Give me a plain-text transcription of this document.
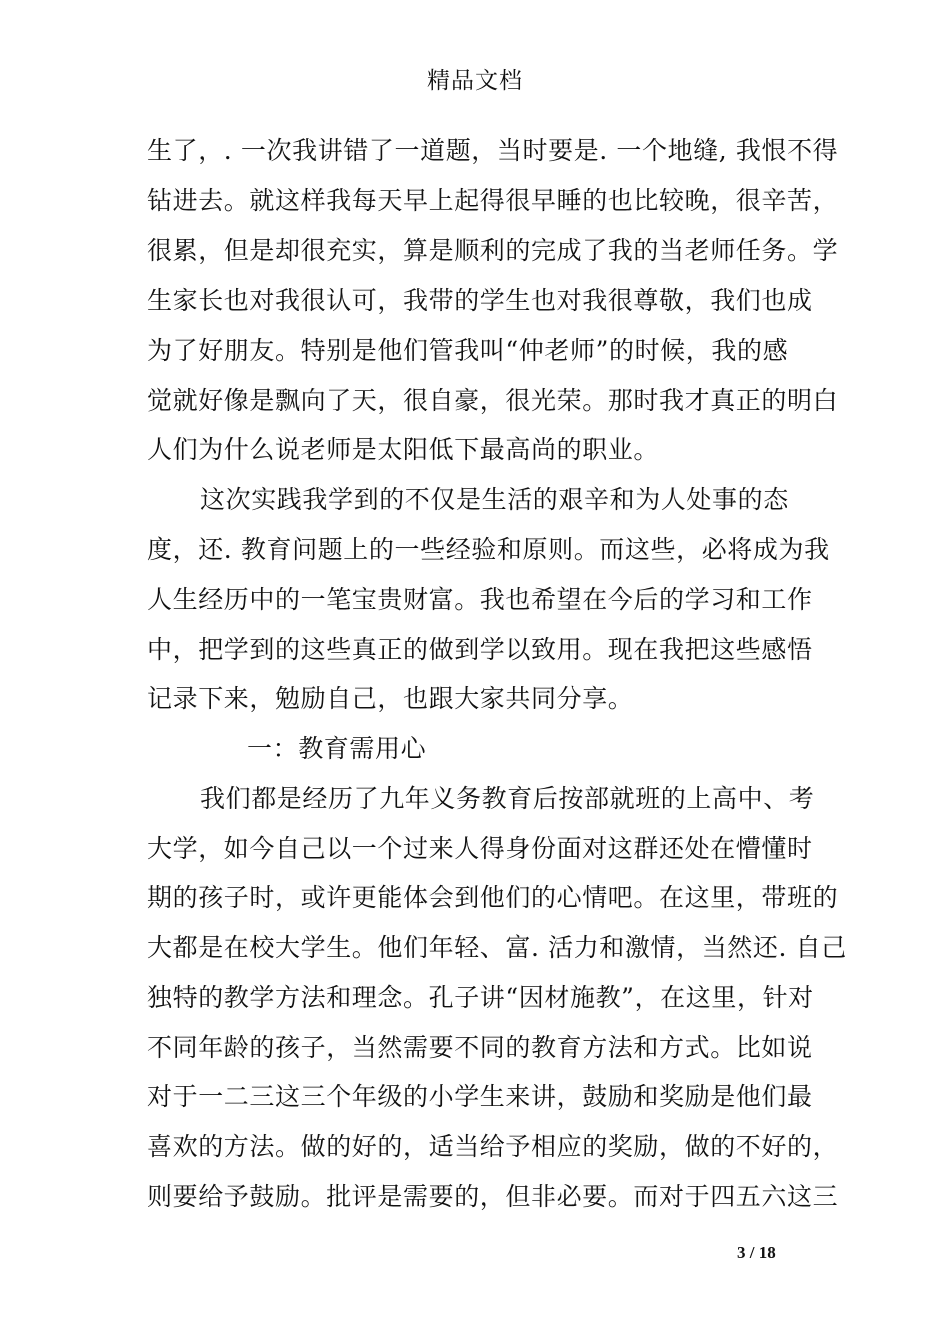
精品文档
生了，. 一次我讲错了一道题，当时要是. 一个地缝, 我恨不得
钻进去。就这样我每天早上起得很早睡的也比较晚，很辛苦，
很累，但是却很充实，算是顺利的完成了我的当老师任务。学
生家长也对我很认可，我带的学生也对我很尊敬，我们也成
为了好朋友。特别是他们管我叫“仲老师”的时候，我的感
觉就好像是飘向了天，很自豪，很光荣。那时我才真正的明白
人们为什么说老师是太阳低下最高尚的职业。
这次实践我学到的不仅是生活的艰辛和为人处事的态
度，还. 教育问题上的一些经验和原则。而这些，必将成为我
人生经历中的一笔宝贵财富。我也希望在今后的学习和工作
中，把学到的这些真正的做到学以致用。现在我把这些感悟
记录下来，勉励自己，也跟大家共同分享。
一：教育需用心
我们都是经历了九年义务教育后按部就班的上高中、考
大学，如今自己以一个过来人得身份面对这群还处在懵懂时
期的孩子时，或许更能体会到他们的心情吧。在这里，带班的
大都是在校大学生。他们年轻、富. 活力和激情，当然还. 自己
独特的教学方法和理念。孔子讲“因材施教”，在这里，针对
不同年龄的孩子，当然需要不同的教育方法和方式。比如说
对于一二三这三个年级的小学生来讲，鼓励和奖励是他们最
喜欢的方法。做的好的，适当给予相应的奖励，做的不好的，
则要给予鼓励。批评是需要的，但非必要。而对于四五六这三
3 / 18
